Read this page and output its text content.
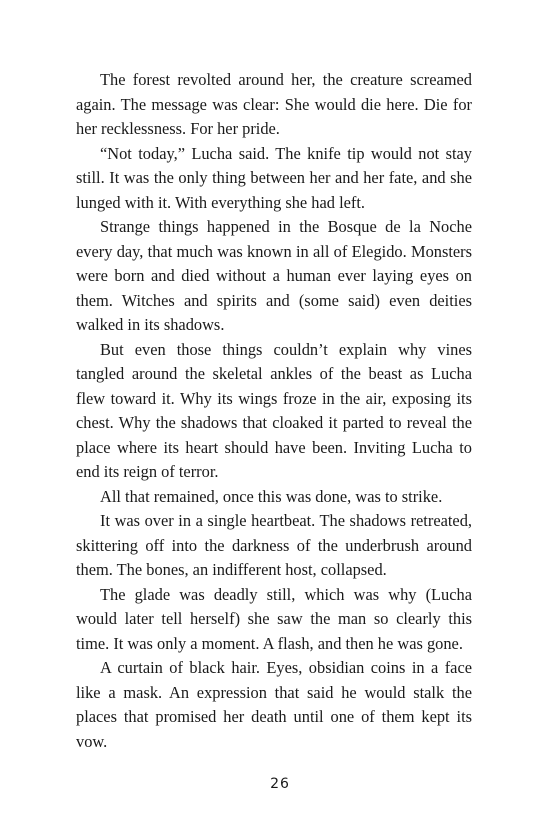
The forest revolted around her, the creature screamed again. The message was clear: She would die here. Die for her recklessness. For her pride.

“Not today,” Lucha said. The knife tip would not stay still. It was the only thing between her and her fate, and she lunged with it. With everything she had left.

Strange things happened in the Bosque de la Noche every day, that much was known in all of Elegido. Monsters were born and died without a human ever laying eyes on them. Witches and spirits and (some said) even deities walked in its shadows.

But even those things couldn’t explain why vines tangled around the skeletal ankles of the beast as Lucha flew toward it. Why its wings froze in the air, exposing its chest. Why the shadows that cloaked it parted to reveal the place where its heart should have been. Inviting Lucha to end its reign of terror.

All that remained, once this was done, was to strike.

It was over in a single heartbeat. The shadows retreated, skittering off into the darkness of the underbrush around them. The bones, an indifferent host, collapsed.

The glade was deadly still, which was why (Lucha would later tell herself) she saw the man so clearly this time. It was only a moment. A flash, and then he was gone.

A curtain of black hair. Eyes, obsidian coins in a face like a mask. An expression that said he would stalk the places that promised her death until one of them kept its vow.

26
